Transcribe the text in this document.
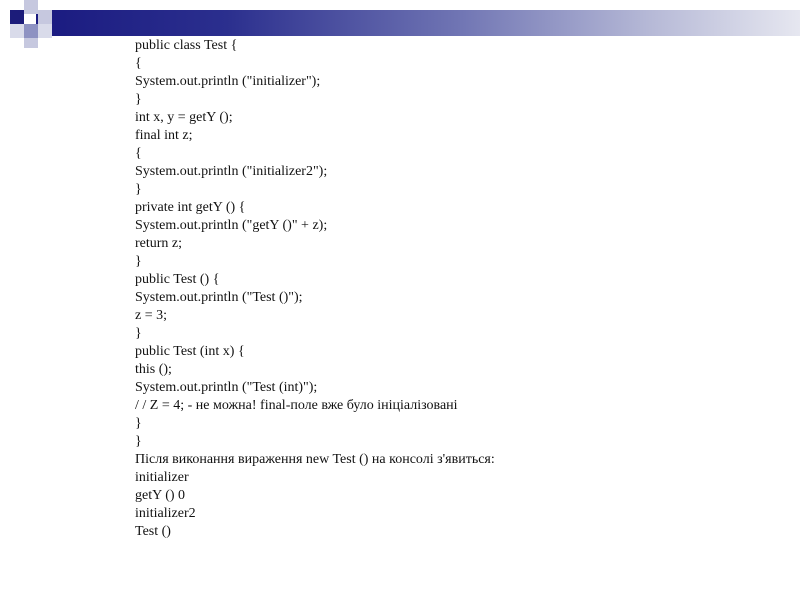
public class Test {
{
System.out.println ("initializer");
}
int x, y = getY ();
final int z;
{
System.out.println ("initializer2");
}
private int getY () {
System.out.println ("getY ()" + z);
return z;
}
public Test () {
System.out.println ("Test ()");
z = 3;
}
public Test (int x) {
this ();
System.out.println ("Test (int)");
/ / Z = 4; - не можна! final-поле вже було ініціалізовані
}
}
Після виконання вираження new Test () на консолі з'явиться:
initializer
getY () 0
initializer2
Test ()
